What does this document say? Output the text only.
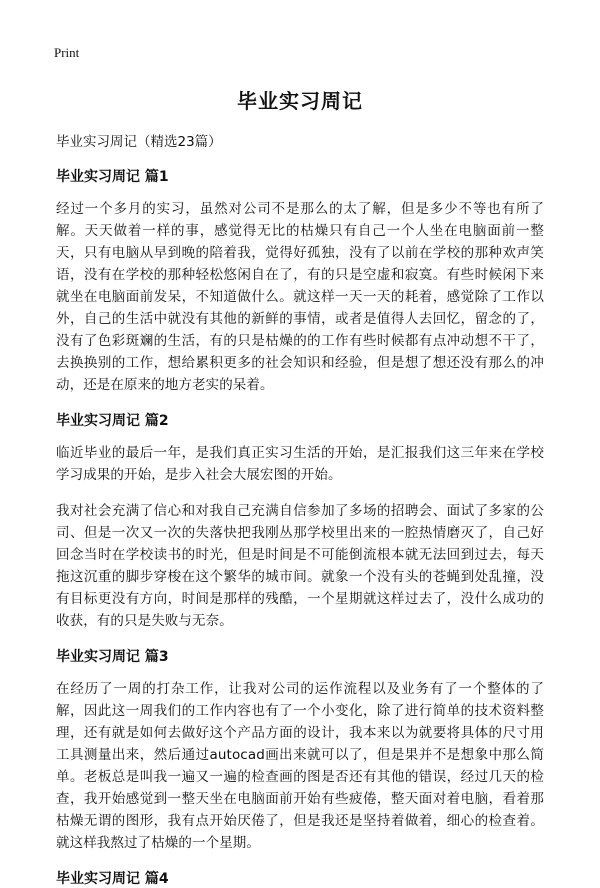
Print
毕业实习周记
毕业实习周记（精选23篇）
毕业实习周记 篇1

经过一个多月的实习，虽然对公司不是那么的太了解，但是多少不等也有所了解。天天做着一样的事，感觉得无比的枯燥只有自己一个人坐在电脑面前一整天，只有电脑从早到晚的陪着我，觉得好孤独，没有了以前在学校的那种欢声笑语，没有在学校的那种轻松悠闲自在了，有的只是空虚和寂寞。有些时候闲下来就坐在电脑面前发呆，不知道做什么。就这样一天一天的耗着，感觉除了工作以外，自己的生活中就没有其他的新鲜的事情，或者是值得人去回忆，留念的了，没有了色彩斑斓的生活，有的只是枯燥的的工作有些时候都有点冲动想不干了，去换换别的工作，想给累积更多的社会知识和经验，但是想了想还没有那么的冲动，还是在原来的地方老实的呆着。

毕业实习周记 篇2

临近毕业的最后一年，是我们真正实习生活的开始，是汇报我们这三年来在学校学习成果的开始，是步入社会大展宏图的开始。

我对社会充满了信心和对我自己充满自信参加了多场的招聘会、面试了多家的公司、但是一次又一次的失落快把我刚丛那学校里出来的一腔热情磨灭了，自己好回念当时在学校读书的时光，但是时间是不可能倒流根本就无法回到过去，每天拖这沉重的脚步穿梭在这个繁华的城市间。就象一个没有头的苍蝇到处乱撞，没有目标更没有方向，时间是那样的残酷，一个星期就这样过去了，没什么成功的收获，有的只是失败与无奈。

毕业实习周记 篇3

在经历了一周的打杂工作，让我对公司的运作流程以及业务有了一个整体的了解，因此这一周我们的工作内容也有了一个小变化，除了进行简单的技术资料整理，还有就是如何去做好这个产品方面的设计，我本来以为就要将具体的尺寸用工具测量出来，然后通过autocad画出来就可以了，但是果并不是想象中那么简单。老板总是叫我一遍又一遍的检查画的图是否还有其他的错误，经过几天的检查，我开始感觉到一整天坐在电脑面前开始有些疲倦，整天面对着电脑，看着那枯燥无谓的图形，我有点开始厌倦了，但是我还是坚持着做着，细心的检查着。就这样我熬过了枯燥的一个星期。

毕业实习周记 篇4
